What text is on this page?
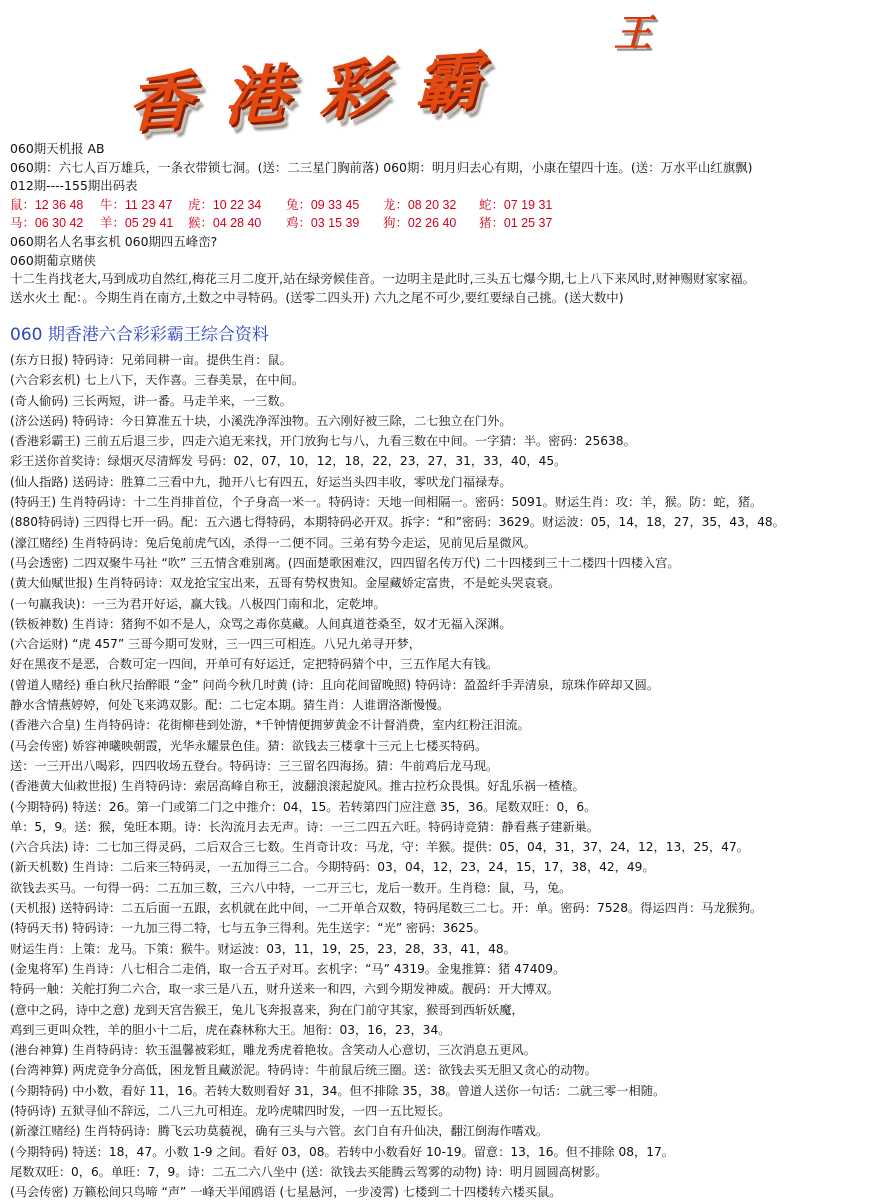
香港彩霸
王
060期天机报 AB
060期：六七人百万雄兵，一条衣带锁七洞。(送：二三星门胸前落) 060期：明月归去心有期，小康在望四十连。(送：万水平山红旗飘)
012期----155期出码表
鼠：12 36 48 牛：11 23 47 虎：10 22 34 兔：09 33 45 龙：08 20 32 蛇：07 19 31
马：06 30 42 羊：05 29 41 猴：04 28 40 鸡：03 15 39 狗：02 26 40 猪：01 25 37
060期名人名事玄机 060期四五峰峦?
060期葡京赌侠
十二生肖找老大,马到成功自然红,梅花三月二度开,站在绿旁候佳音。一边明主是此时,三头五七爆今期,七上八下来风时,财神赐财家家福。
送水火土 配：。今期生肖在南方,土数之中寻特码。(送零二四头开) 六九之尾不可少,要红要绿自己挑。(送大数中)
060 期香港六合彩彩霸王综合资料
(东方日报) 特码诗：兄弟同耕一亩。提供生肖：鼠。
(六合彩玄机) 七上八下，天作喜。三春美景，在中间。
(奇人偷码) 三长两短，讲一番。马走羊来，一三数。
(济公送码) 特码诗：今日算准五十块，小溪洗净浑浊物。五六刚好被三除，二七独立在门外。
(香港彩霸王) 三前五后退三步，四走六追无来找，开门放狗七与八，九看三数在中间。一字猜：半。密码：25638。
彩王送你首奖诗：绿烟灭尽清辉发 号码：02，07，10，12，18，22，23，27，31，33，40，45。
(仙人指路) 送码诗：胜算二三看中九，抛开八七有四五，好运当头四丰收，零吠龙门福禄寿。
(特码王) 生肖特码诗：十二生肖排首位，个子身高一米一。特码诗：天地一间相隔一。密码：5091。财运生肖：攻：羊，猴。防：蛇，猪。
(880特码诗) 三四得七开一码。配：五六遇七得特码，本期特码必开双。拆字：“和”密码：3629。财运波：05，14，18，27，35，43，48。
(濠江赌经) 生肖特码诗：兔后兔前虎气凶，杀得一二便不同。三弟有势今走运，见前见后星微风。
(马会透密) 二四双聚牛马社 “吹” 三五情含难别离。(四面楚歌困难汉，四四留名传万代) 二十四楼到三十二楼四十四楼入宫。
(黄大仙赋世报) 生肖特码诗：双龙抢宝宝出来，五哥有势权贵知。金屋藏娇定富贵，不是蛇头哭袁衰。
(一句赢我诀)：一三为君开好运，赢大钱。八极四门南和北，定乾坤。
(铁板神数) 生肖诗：猪狗不如不是人，众骂之毒你莫藏。人间真道苍桑至，奴才无福入深渊。
(六合运财) “虎 457” 三哥今期可发财，三一四三可相连。八兄九弟寻开梦，
好在黑夜不是恶，合数可定一四间，开单可有好运迁，定把特码猜个中，三五作尾大有钱。
(曾道人赌经) 垂白秋尺抬醉眼 “金” 问尚今秋几时黄 (诗：且向花间留晚照) 特码诗：盈盈纤手弄清泉，琼珠作碎却又圆。
静水含情燕婷婷，何处飞来鸿双影。配：二七定本期。猜生肖：人谁谓洛渐慢慢。
(香港六合皇) 生肖特码诗：花街柳巷到处游，*千钟情便拥萝黄金不计督消费，室内红粉汪泪流。
(马会传密) 娇容神曦映朝霞，光华永耀景色佳。猜：欲钱去三楼拿十三元上七楼买特码。
送：一三开出八喝彩，四四收场五登台。特码诗：三三留名四海扬。猜：牛前鸡后龙马现。
(香港黄大仙救世报) 生肖特码诗：索居高峰自称王，波翻浪滚起旋风。推古拉朽众畏惧。好乱乐祸一楂楂。
(今期特码) 特送：26。第一门或第二门之中推介：04，15。若转第四门应注意 35，36。尾数双旺：0，6。
单：5，9。送：猴，兔旺本期。诗：长沟流月去无声。诗：一三二四五六旺。特码诗竞猜：静看燕子建新巢。
(六合兵法) 诗：二七加三得灵码，二后双合三七数。生肖奇计攻：马龙，守：羊猴。提供：05，04，31，37，24，12，13，25，47。
(新天机数) 生肖诗：二后来三特码灵，一五加得三二合。今期特码：03，04，12，23，24，15，17，38，42，49。
欲钱去买马。一句得一码：二五加三数，三六八中特，一二开三七，龙后一数开。生肖稳：鼠，马，兔。
(天机报) 送特码诗：二五后面一五跟，玄机就在此中间，一二开单合双数，特码尾数三二七。开：单。密码：7528。得运四肖：马龙猴狗。
(特码天书) 特码诗：一九加三得二特，七与五争三得利。先生送字：“光” 密码：3625。
财运生肖：上策：龙马。下策：猴牛。财运波：03，11，19，25，23，28，33，41，48。
(金鬼将军) 生肖诗：八七相合二走俏，取一合五子对耳。玄机字：“马” 4319。金鬼推算：猪 47409。
特码一触：关舵打狗二六合，取一求三是八五，财升送来一和四，六到今期发神威。靓码：开大博双。
(意中之码，诗中之意) 龙到天宫告猴王，兔儿飞奔报喜来，狗在门前守其家，猴哥到西斩妖魔，
鸡到三更叫众牲，羊的胆小十二后，虎在森林称大王。旭衔：03，16，23，34。
(港台神算) 生肖特码诗：软玉温馨被彩虹，雕龙秀虎着艳妆。含笑动人心意切，三次消息五更风。
(台湾神算) 两虎竞争分高低，困龙暂且藏淤泥。特码诗：牛前鼠后统三圈。送：欲钱去买无胆又贪心的动物。
(今期特码) 中小数，看好 11，16。若转大数则看好 31，34。但不排除 35，38。曾道人送你一句话：二就三零一相随。
(特码诗) 五狱寻仙不辞远，二八三九可相连。龙吟虎啸四时发，一四一五比短长。
(新濠江赌经) 生肖特码诗：腾飞云功莫藐视，确有三头与六管。玄门自有升仙决，翻江倒海作嗜戏。
(今期特码) 特送：18，47。小数 1-9 之间。看好 03，08。若转中小数看好 10-19。留意：13，16。但不排除 08，17。
尾数双旺：0，6。单旺：7，9。诗：二五二六八坐中 (送：欲钱去买能腾云驾雾的动物) 诗：明月圆圆高树影。
(马会传密) 万籁松间只鸟啼 “声” 一峰天半闻鸥语 (七星悬河，一步凌霄) 七楼到二十四楼转六楼买鼠。
